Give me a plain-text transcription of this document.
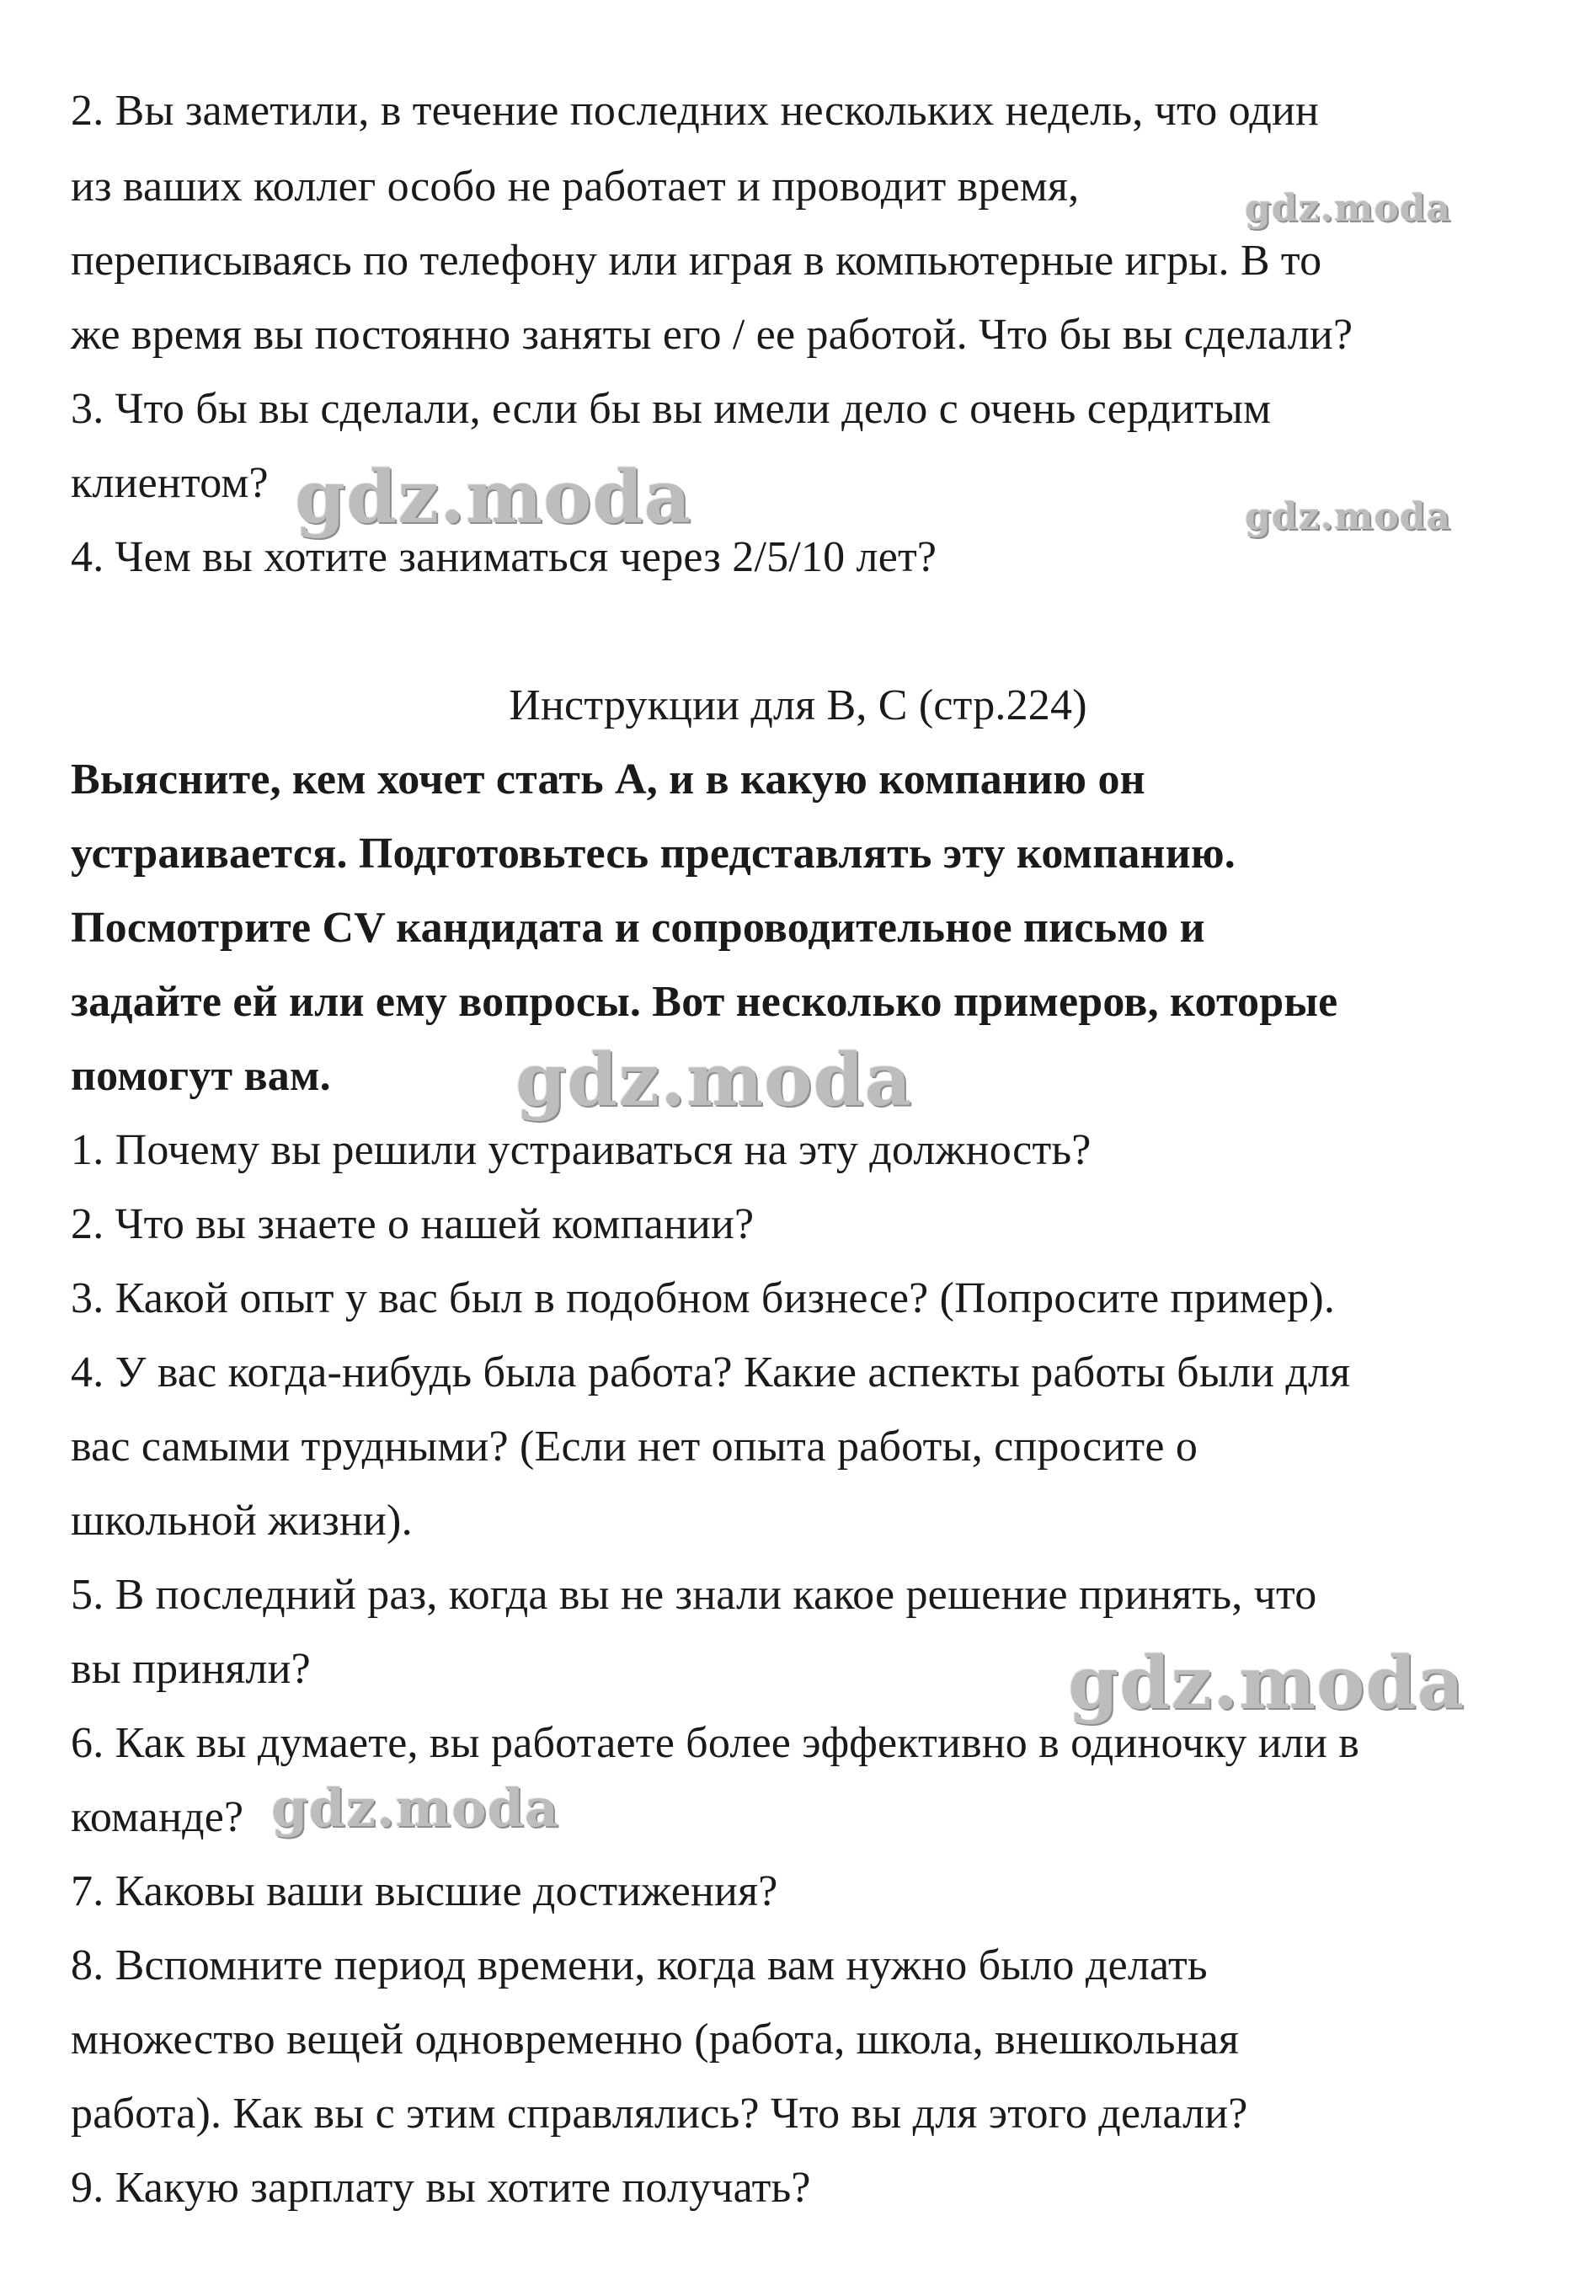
2. Вы заметили, в течение последних нескольких недель, что один
из ваших коллег особо не работает и проводит время,
переписываясь по телефону или играя в компьютерные игры. В то
же время вы постоянно заняты его / ее работой. Что бы вы сделали?
3. Что бы вы сделали, если бы вы имели дело с очень сердитым
клиентом?
4. Чем вы хотите заниматься через 2/5/10 лет?
Инструкции для B, C (стр.224)
Выясните, кем хочет стать А, и в какую компанию он
устраивается. Подготовьтесь представлять эту компанию.
Посмотрите CV кандидата и сопроводительное письмо и
задайте ей или ему вопросы. Вот несколько примеров, которые
помогут вам.
1. Почему вы решили устраиваться на эту должность?
2. Что вы знаете о нашей компании?
3. Какой опыт у вас был в подобном бизнесе? (Попросите пример).
4. У вас когда-нибудь была работа? Какие аспекты работы были для
вас самыми трудными? (Если нет опыта работы, спросите о
школьной жизни).
5. В последний раз, когда вы не знали какое решение принять, что
вы приняли?
6. Как вы думаете, вы работаете более эффективно в одиночку или в
команде?
7. Каковы ваши высшие достижения?
8. Вспомните период времени, когда вам нужно было делать
множество вещей одновременно (работа, школа, внешкольная
работа). Как вы с этим справлялись? Что вы для этого делали?
9. Какую зарплату вы хотите получать?
gdz.moda
gdz.moda	gdz.moda
gdz.moda
gdz.moda
gdz.moda
